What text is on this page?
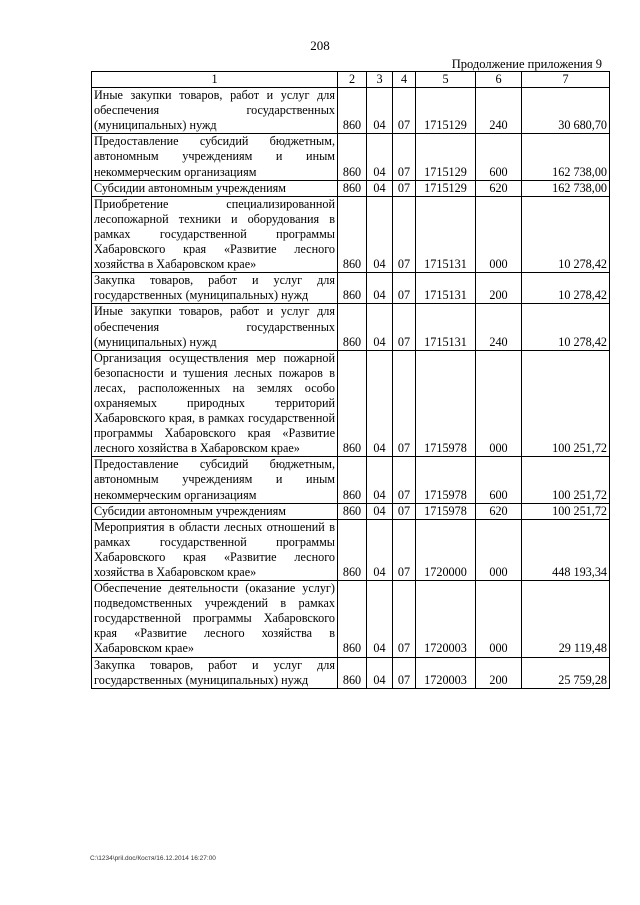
208
Продолжение приложения 9
1	2	3	4	5	6	7
Иные закупки товаров, работ и услуг для обеспечения государственных (муниципальных) нужд	860	04	07	1715129	240	30 680,70
Предоставление субсидий бюджетным, автономным учреждениям и иным некоммерческим организациям	860	04	07	1715129	600	162 738,00
Субсидии автономным учреждениям	860	04	07	1715129	620	162 738,00
Приобретение специализированной лесопожарной техники и оборудования в рамках государственной программы Хабаровского края «Развитие лесного хозяйства в Хабаровском крае»	860	04	07	1715131	000	10 278,42
Закупка товаров, работ и услуг для государственных (муниципальных) нужд	860	04	07	1715131	200	10 278,42
Иные закупки товаров, работ и услуг для обеспечения государственных (муниципальных) нужд	860	04	07	1715131	240	10 278,42
Организация осуществления мер пожарной безопасности и тушения лесных пожаров в лесах, расположенных на землях особо охраняемых природных территорий Хабаровского края, в рамках государственной программы Хабаровского края «Развитие лесного хозяйства в Хабаровском крае»	860	04	07	1715978	000	100 251,72
Предоставление субсидий бюджетным, автономным учреждениям и иным некоммерческим организациям	860	04	07	1715978	600	100 251,72
Субсидии автономным учреждениям	860	04	07	1715978	620	100 251,72
Мероприятия в области лесных отношений в рамках государственной программы Хабаровского края «Развитие лесного хозяйства в Хабаровском крае»	860	04	07	1720000	000	448 193,34
Обеспечение деятельности (оказание услуг) подведомственных учреждений в рамках государственной программы Хабаровского края «Развитие лесного хозяйства в Хабаровском крае»	860	04	07	1720003	000	29 119,48
Закупка товаров, работ и услуг для государственных (муниципальных) нужд	860	04	07	1720003	200	25 759,28
C:\1234\pril.doc/Костя/16.12.2014 16:27:00
